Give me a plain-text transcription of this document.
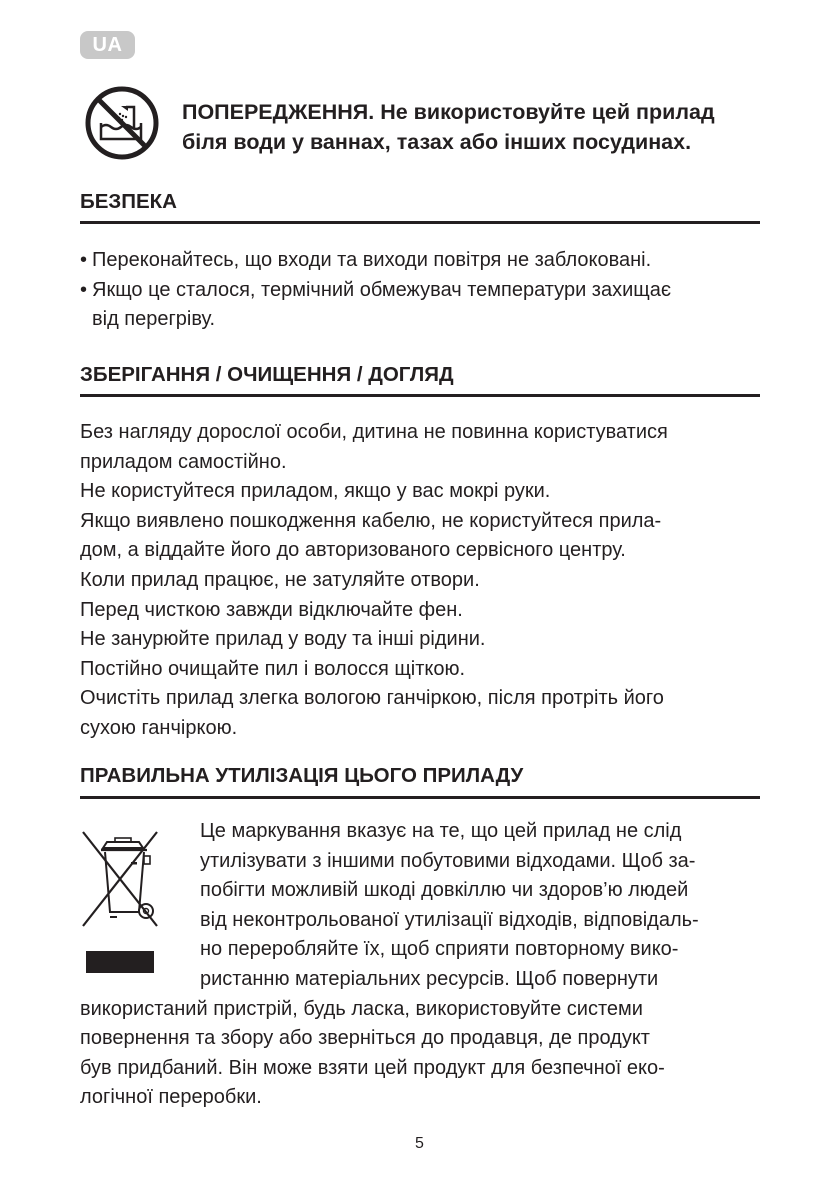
UA
ПОПЕРЕДЖЕННЯ. Не використовуйте цей прилад
біля води у ваннах, тазах або інших посудинах.
БЕЗПЕКА
• Переконайтесь, що входи та виходи повітря не заблоковані.
• Якщо це сталося, термічний обмежувач температури захищає
від перегріву.
ЗБЕРІГАННЯ / ОЧИЩЕННЯ / ДОГЛЯД
Без нагляду дорослої особи, дитина не повинна користуватися
приладом самостійно.
Не користуйтеся приладом, якщо у вас мокрі руки.
Якщо виявлено пошкодження кабелю, не користуйтеся прила-
дом, а віддайте його до авторизованого сервісного центру.
Коли прилад працює, не затуляйте отвори.
Перед чисткою завжди відключайте фен.
Не занурюйте прилад у воду та інші рідини.
Постійно очищайте пил і волосся щіткою.
Очистіть прилад злегка вологою ганчіркою, після протріть його
сухою ганчіркою.
ПРАВИЛЬНА УТИЛІЗАЦІЯ ЦЬОГО ПРИЛАДУ
Це маркування вказує на те, що цей прилад не слід
утилізувати з іншими побутовими відходами. Щоб за-
побігти можливій шкоді довкіллю чи здоров’ю людей
від неконтрольованої утилізації відходів, відповідаль-
но переробляйте їх, щоб сприяти повторному вико-
ристанню матеріальних ресурсів. Щоб повернути
використаний пристрій, будь ласка, використовуйте системи
повернення та збору або зверніться до продавця, де продукт
був придбаний. Він може взяти цей продукт для безпечної еко-
логічної переробки.
5
